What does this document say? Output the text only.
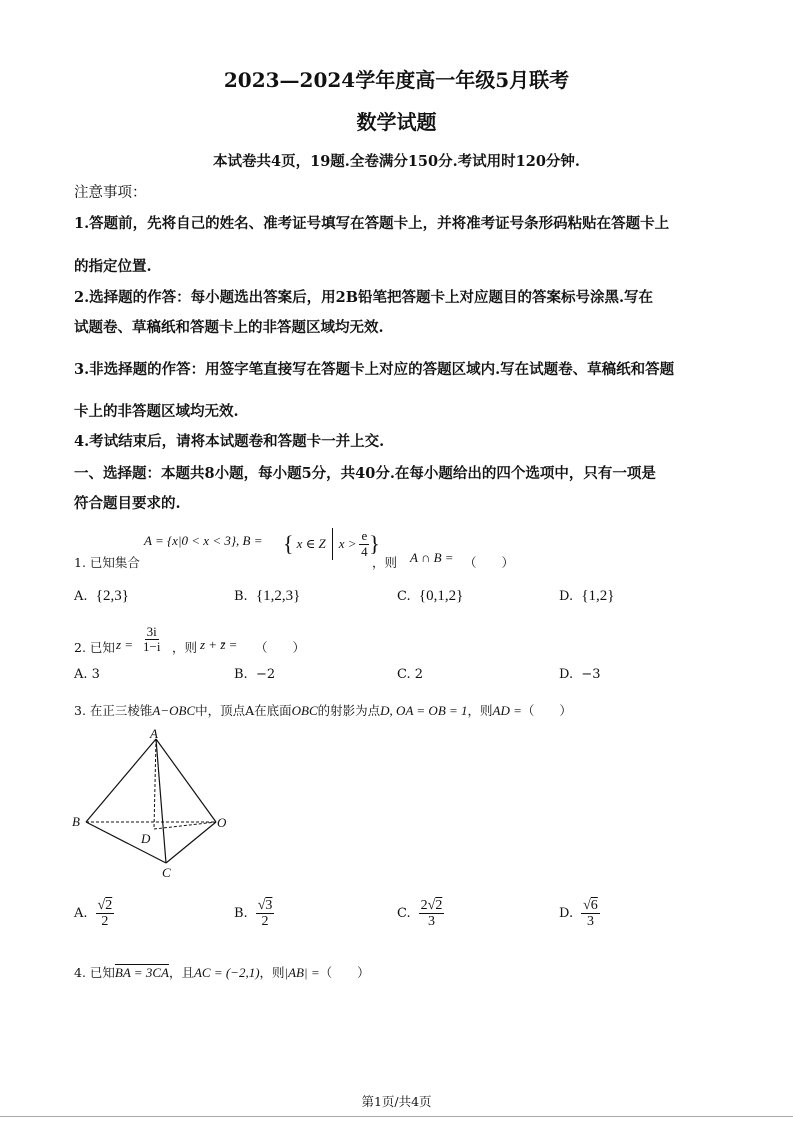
2023—2024学年度高一年级5月联考
数学试题
本试卷共4页，19题.全卷满分150分.考试用时120分钟.
注意事项：
1.答题前，先将自己的姓名、准考证号填写在答题卡上，并将准考证号条形码粘贴在答题卡上
的指定位置.
2.选择题的作答：每小题选出答案后，用2B铅笔把答题卡上对应题目的答案标号涂黑.写在
试题卷、草稿纸和答题卡上的非答题区域均无效.
3.非选择题的作答：用签字笔直接写在答题卡上对应的答题区域内.写在试题卷、草稿纸和答题
卡上的非答题区域均无效.
4.考试结束后，请将本试题卷和答题卡一并上交.
一、选择题：本题共8小题，每小题5分，共40分.在每小题给出的四个选项中，只有一项是
符合题目要求的.
1. 已知集合
A = {x|0 < x < 3}, B = { x ∈ Z $x > \frac{e}{4}$ }
，则 A ∩ B = （　　）
A. {2,3}	B. {1,2,3}	C. {0,1,2}	D. {1,2}
2. 已知 $z = \frac{3i}{1-i}$ ，则 z + z̄ = （　　）
A. 3	B. −2	C. 2	D. −3
3. 在正三棱锥A−OBC中，顶点A在底面OBC的射影为点D, OA = OB = 1，则AD =（　　）
A
B	O
D
C
A. $\frac{√2}{2}$	B. $\frac{√3}{2}$	C. $\frac{2√2}{3}$	D. $\frac{√6}{3}$
4. 已知BA = 3CA，且AC = (−2,1)，则|AB| =（　　）
第1页/共4页
